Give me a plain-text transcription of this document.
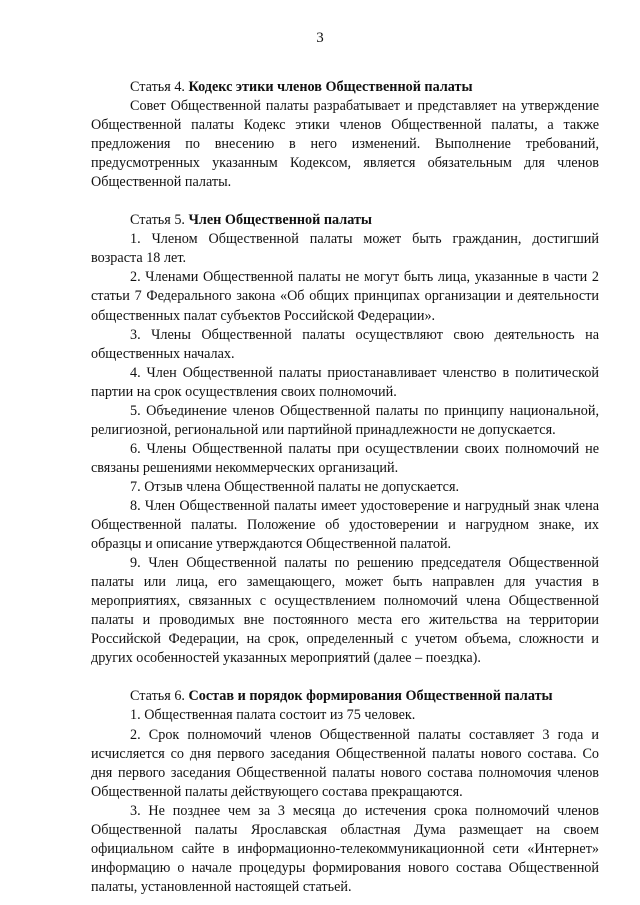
3
Статья 4. Кодекс этики членов Общественной палаты

Совет Общественной палаты разрабатывает и представляет на утверждение Общественной палаты Кодекс этики членов Общественной палаты, а также предложения по внесению в него изменений. Выполнение требований, предусмотренных указанным Кодексом, является обязательным для членов Общественной палаты.

Статья 5. Член Общественной палаты

1. Членом Общественной палаты может быть гражданин, достигший возраста 18 лет.

2. Членами Общественной палаты не могут быть лица, указанные в части 2 статьи 7 Федерального закона «Об общих принципах организации и деятельности общественных палат субъектов Российской Федерации».

3. Члены Общественной палаты осуществляют свою деятельность на общественных началах.

4. Член Общественной палаты приостанавливает членство в политической партии на срок осуществления своих полномочий.

5. Объединение членов Общественной палаты по принципу национальной, религиозной, региональной или партийной принадлежности не допускается.

6. Члены Общественной палаты при осуществлении своих полномочий не связаны решениями некоммерческих организаций.

7. Отзыв члена Общественной палаты не допускается.

8. Член Общественной палаты имеет удостоверение и нагрудный знак члена Общественной палаты. Положение об удостоверении и нагрудном знаке, их образцы и описание утверждаются Общественной палатой.

9. Член Общественной палаты по решению председателя Общественной палаты или лица, его замещающего, может быть направлен для участия в мероприятиях, связанных с осуществлением полномочий члена Общественной палаты и проводимых вне постоянного места его жительства на территории Российской Федерации, на срок, определенный с учетом объема, сложности и других особенностей указанных мероприятий (далее – поездка).

Статья 6. Состав и порядок формирования Общественной палаты

1. Общественная палата состоит из 75 человек.

2. Срок полномочий членов Общественной палаты составляет 3 года и исчисляется со дня первого заседания Общественной палаты нового состава. Со дня первого заседания Общественной палаты нового состава полномочия членов Общественной палаты действующего состава прекращаются.

3. Не позднее чем за 3 месяца до истечения срока полномочий членов Общественной палаты Ярославская областная Дума размещает на своем официальном сайте в информационно-телекоммуникационной сети «Интернет» информацию о начале процедуры формирования нового состава Общественной палаты, установленной настоящей статьей.
